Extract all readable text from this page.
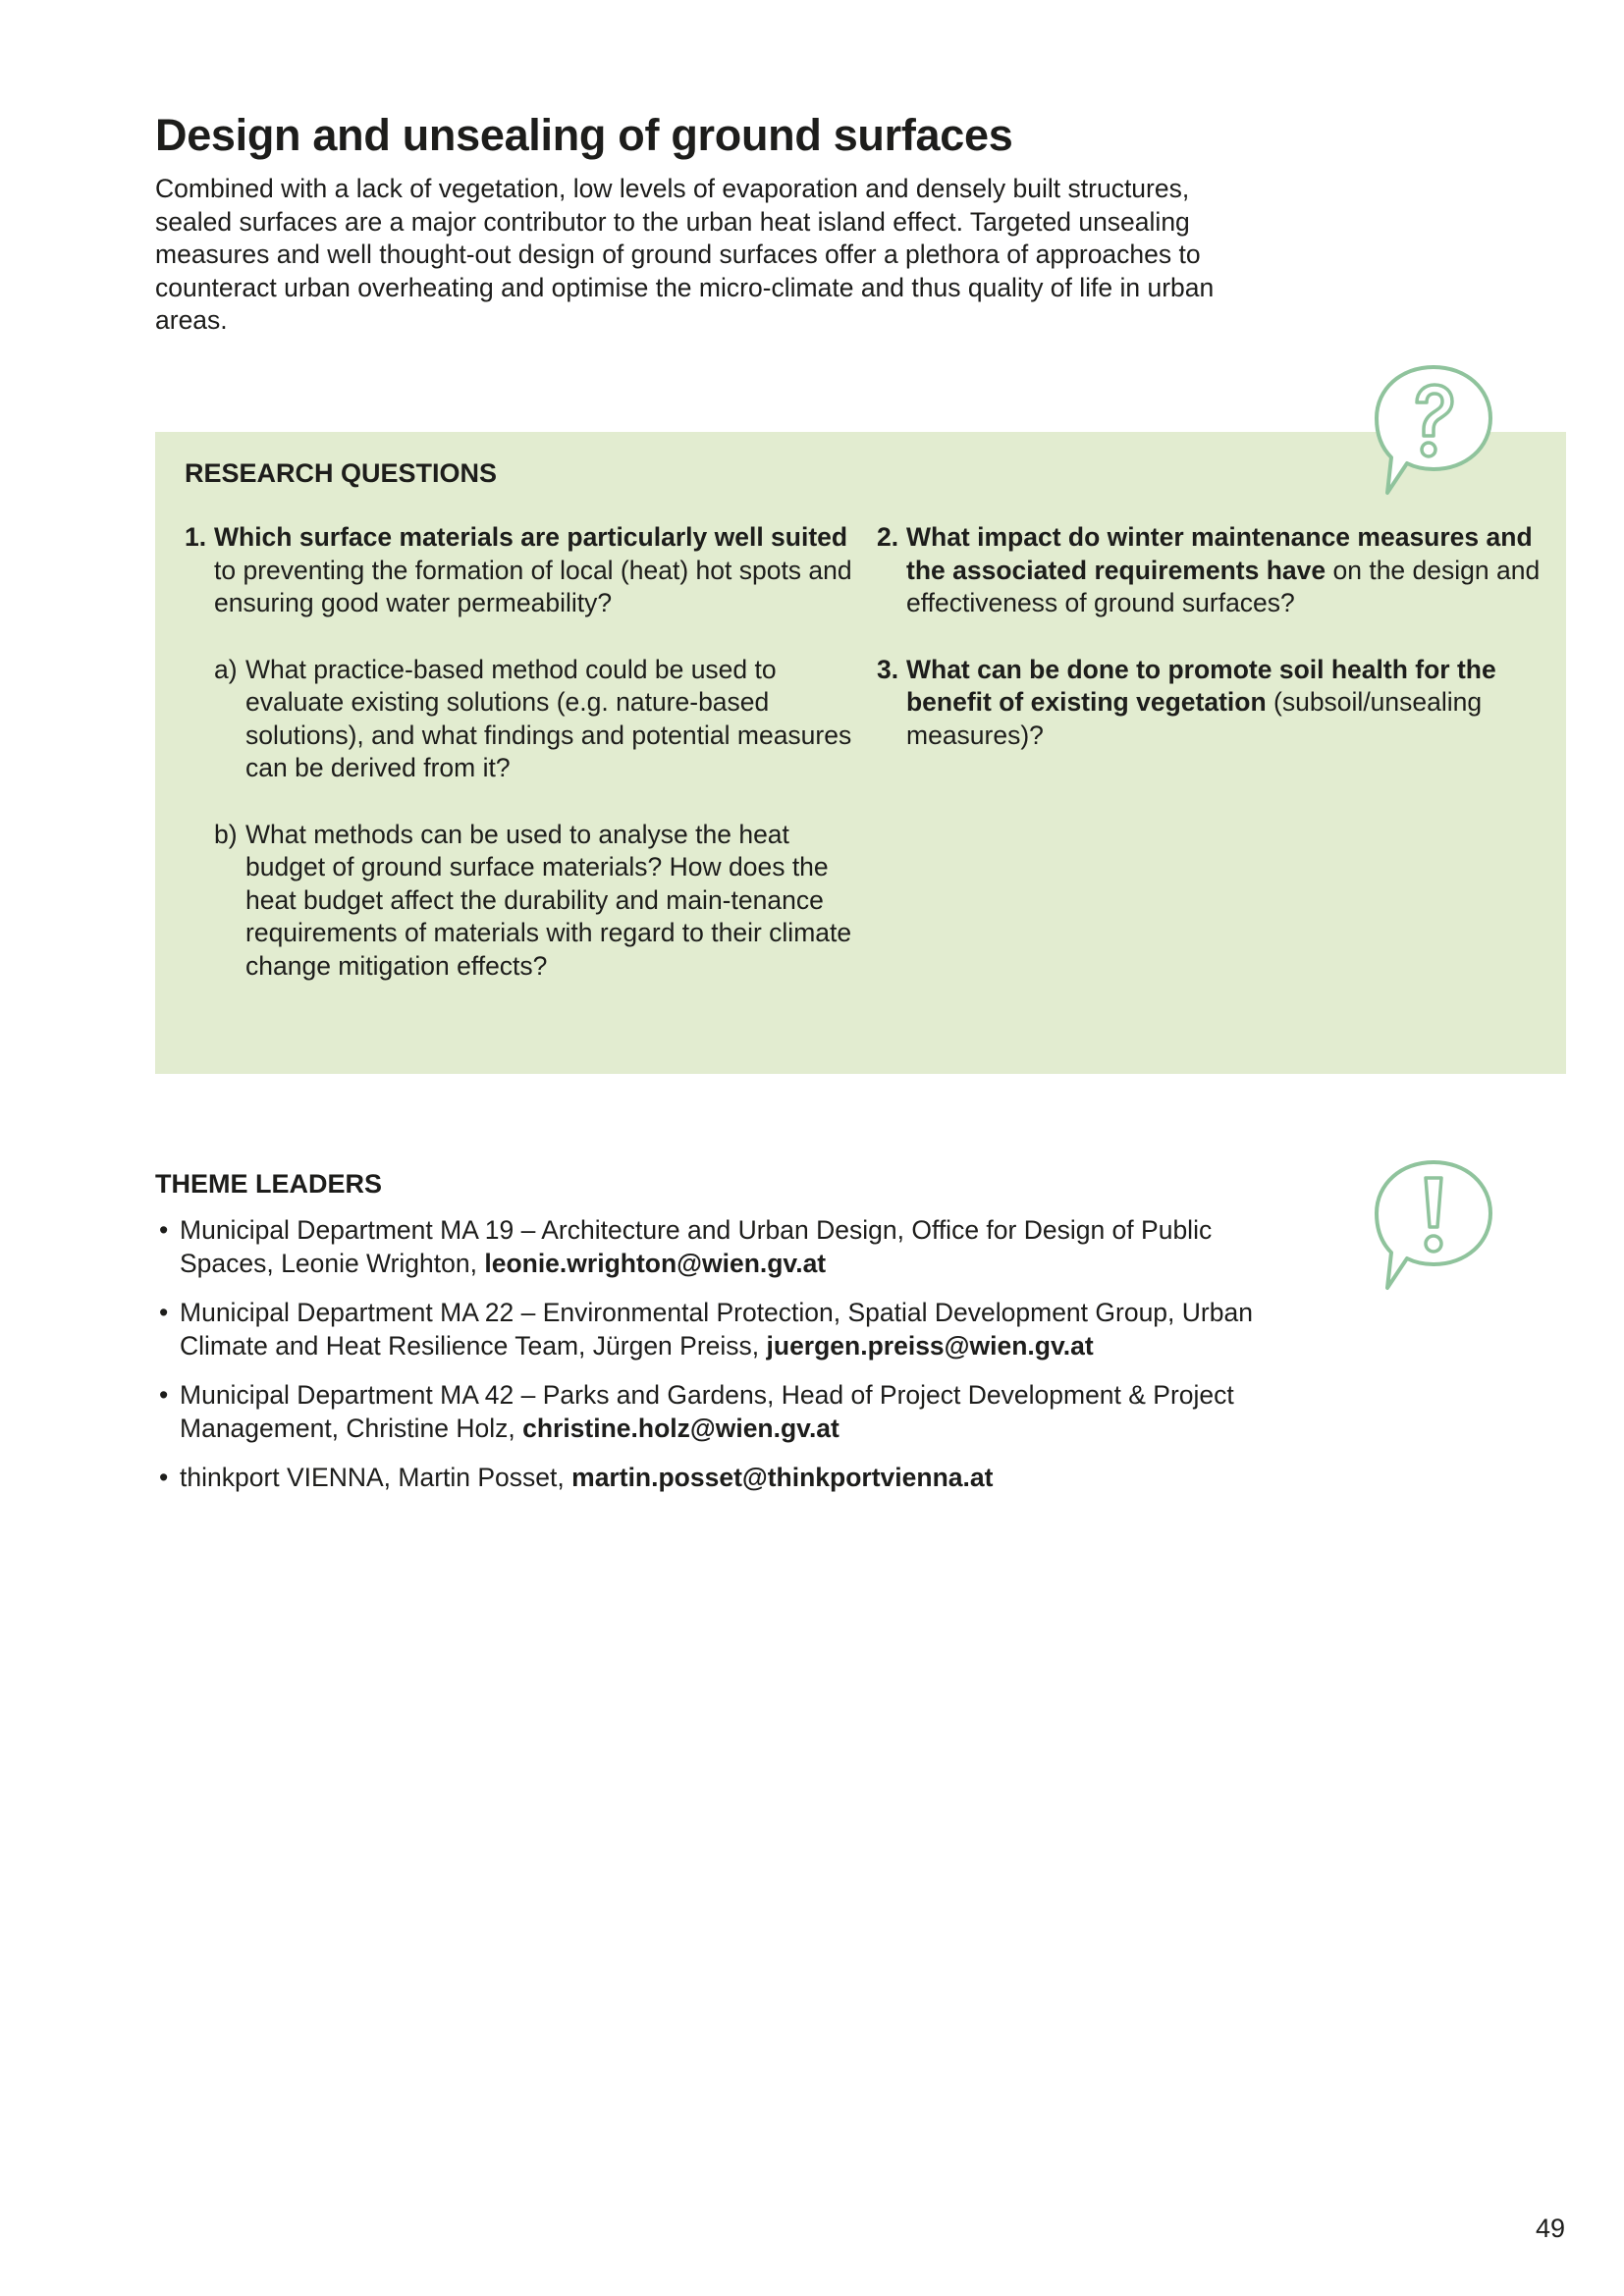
Design and unsealing of ground surfaces

Combined with a lack of vegetation, low levels of evaporation and densely built structures, sealed surfaces are a major contributor to the urban heat island effect. Targeted unsealing measures and well thought-out design of ground surfaces offer a plethora of approaches to counteract urban overheating and optimise the micro-climate and thus quality of life in urban areas.

RESEARCH QUESTIONS
1. Which surface materials are particularly well suited to preventing the formation of local (heat) hot spots and ensuring good water permeability?
a) What practice-based method could be used to evaluate existing solutions (e.g. nature-based solutions), and what findings and potential measures can be derived from it?
b) What methods can be used to analyse the heat budget of ground surface materials? How does the heat budget affect the durability and main-tenance requirements of materials with regard to their climate change mitigation effects?
2. What impact do winter maintenance measures and the associated requirements have on the design and effectiveness of ground surfaces?
3. What can be done to promote soil health for the benefit of existing vegetation (subsoil/unsealing measures)?
THEME LEADERS
• Municipal Department MA 19 – Architecture and Urban Design, Office for Design of Public Spaces, Leonie Wrighton, leonie.wrighton@wien.gv.at
• Municipal Department MA 22 – Environmental Protection, Spatial Development Group, Urban Climate and Heat Resilience Team, Jürgen Preiss, juergen.preiss@wien.gv.at
• Municipal Department MA 42 – Parks and Gardens, Head of Project Development & Project Management, Christine Holz, christine.holz@wien.gv.at
• thinkport VIENNA, Martin Posset, martin.posset@thinkportvienna.at
49
